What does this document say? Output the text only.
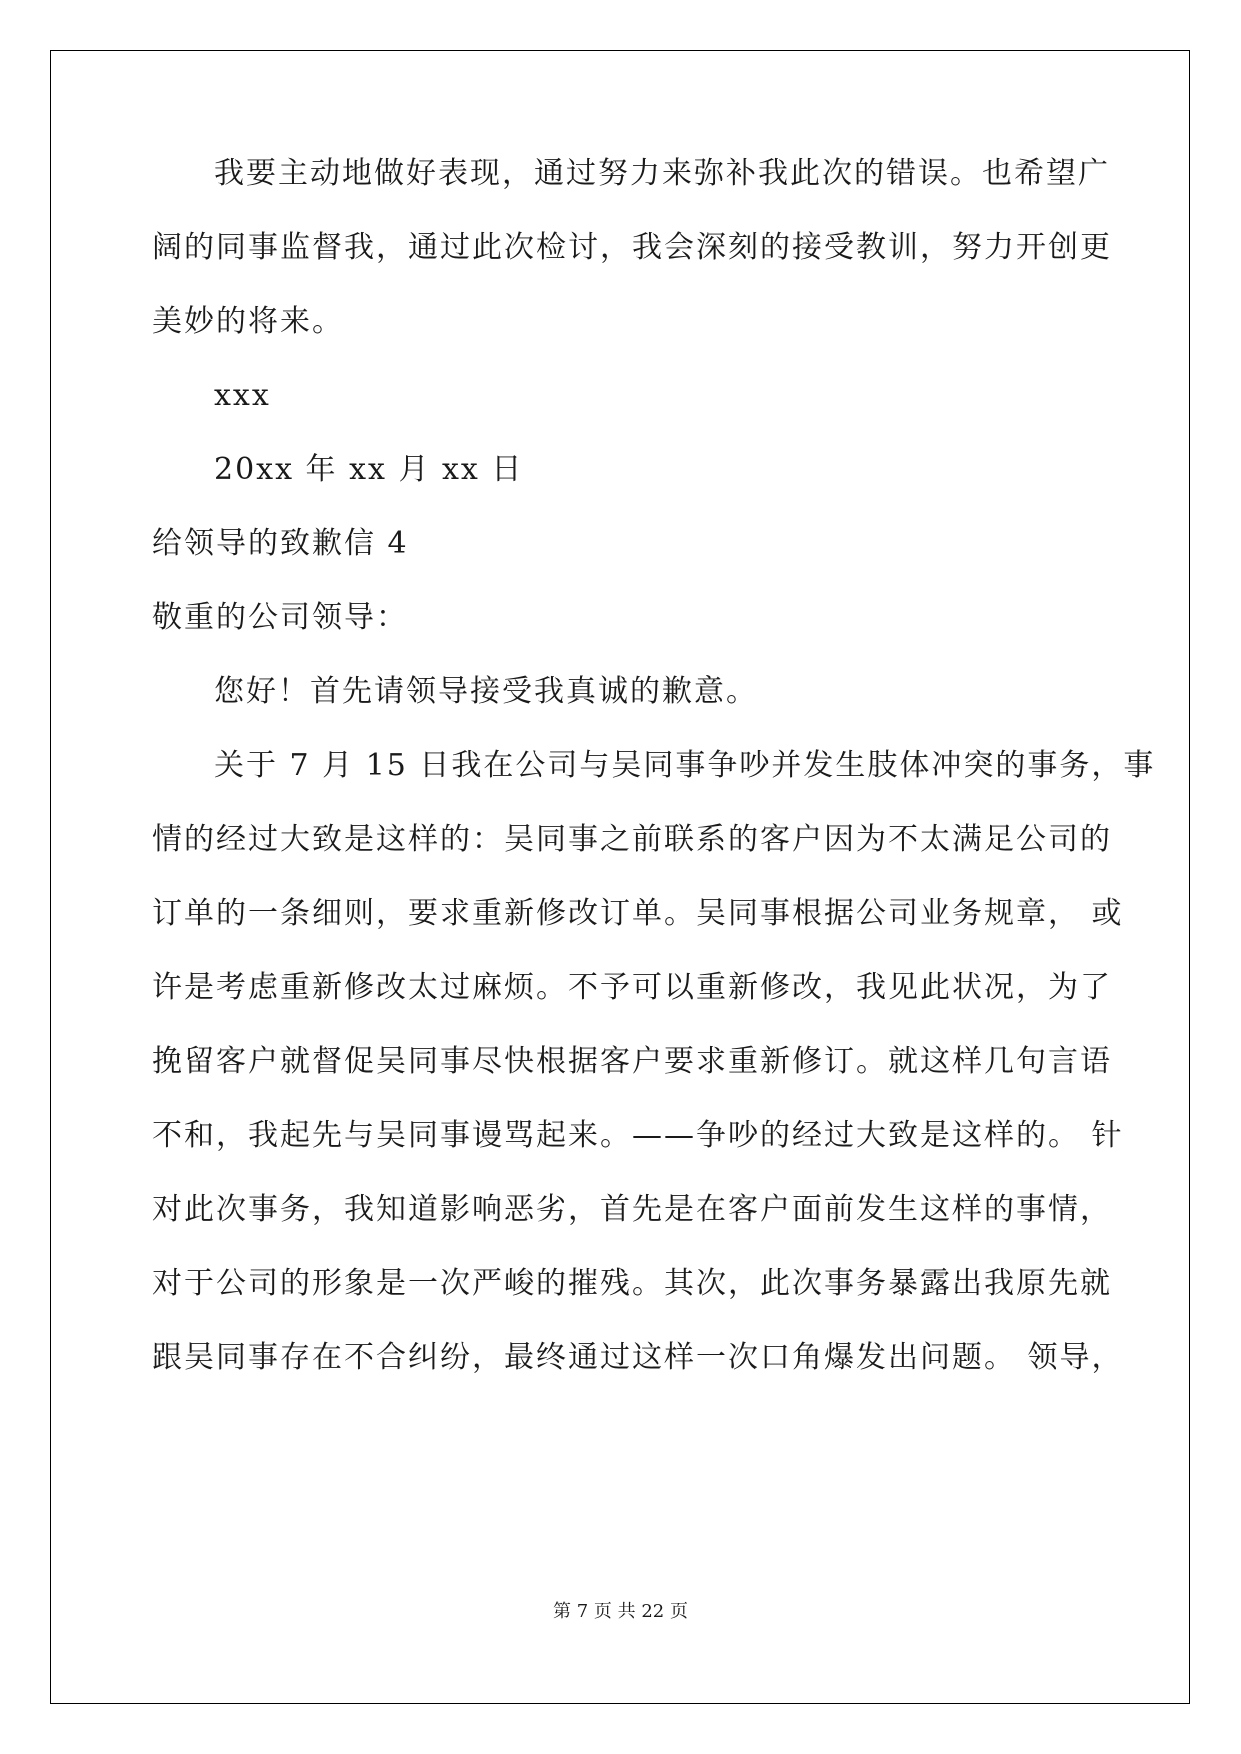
我要主动地做好表现，通过努力来弥补我此次的错误。也希望广
阔的同事监督我，通过此次检讨，我会深刻的接受教训，努力开创更
美妙的将来。
xxx
20xx 年 xx 月 xx 日
给领导的致歉信 4
敬重的公司领导：
您好！首先请领导接受我真诚的歉意。
关于 7 月 15 日我在公司与吴同事争吵并发生肢体冲突的事务，事
情的经过大致是这样的：吴同事之前联系的客户因为不太满足公司的
订单的一条细则，要求重新修改订单。吴同事根据公司业务规章， 或
许是考虑重新修改太过麻烦。不予可以重新修改，我见此状况，为了
挽留客户就督促吴同事尽快根据客户要求重新修订。就这样几句言语
不和，我起先与吴同事谩骂起来。——争吵的经过大致是这样的。 针
对此次事务，我知道影响恶劣，首先是在客户面前发生这样的事情，
对于公司的形象是一次严峻的摧残。其次，此次事务暴露出我原先就
跟吴同事存在不合纠纷，最终通过这样一次口角爆发出问题。 领导，
第 7 页 共 22 页
